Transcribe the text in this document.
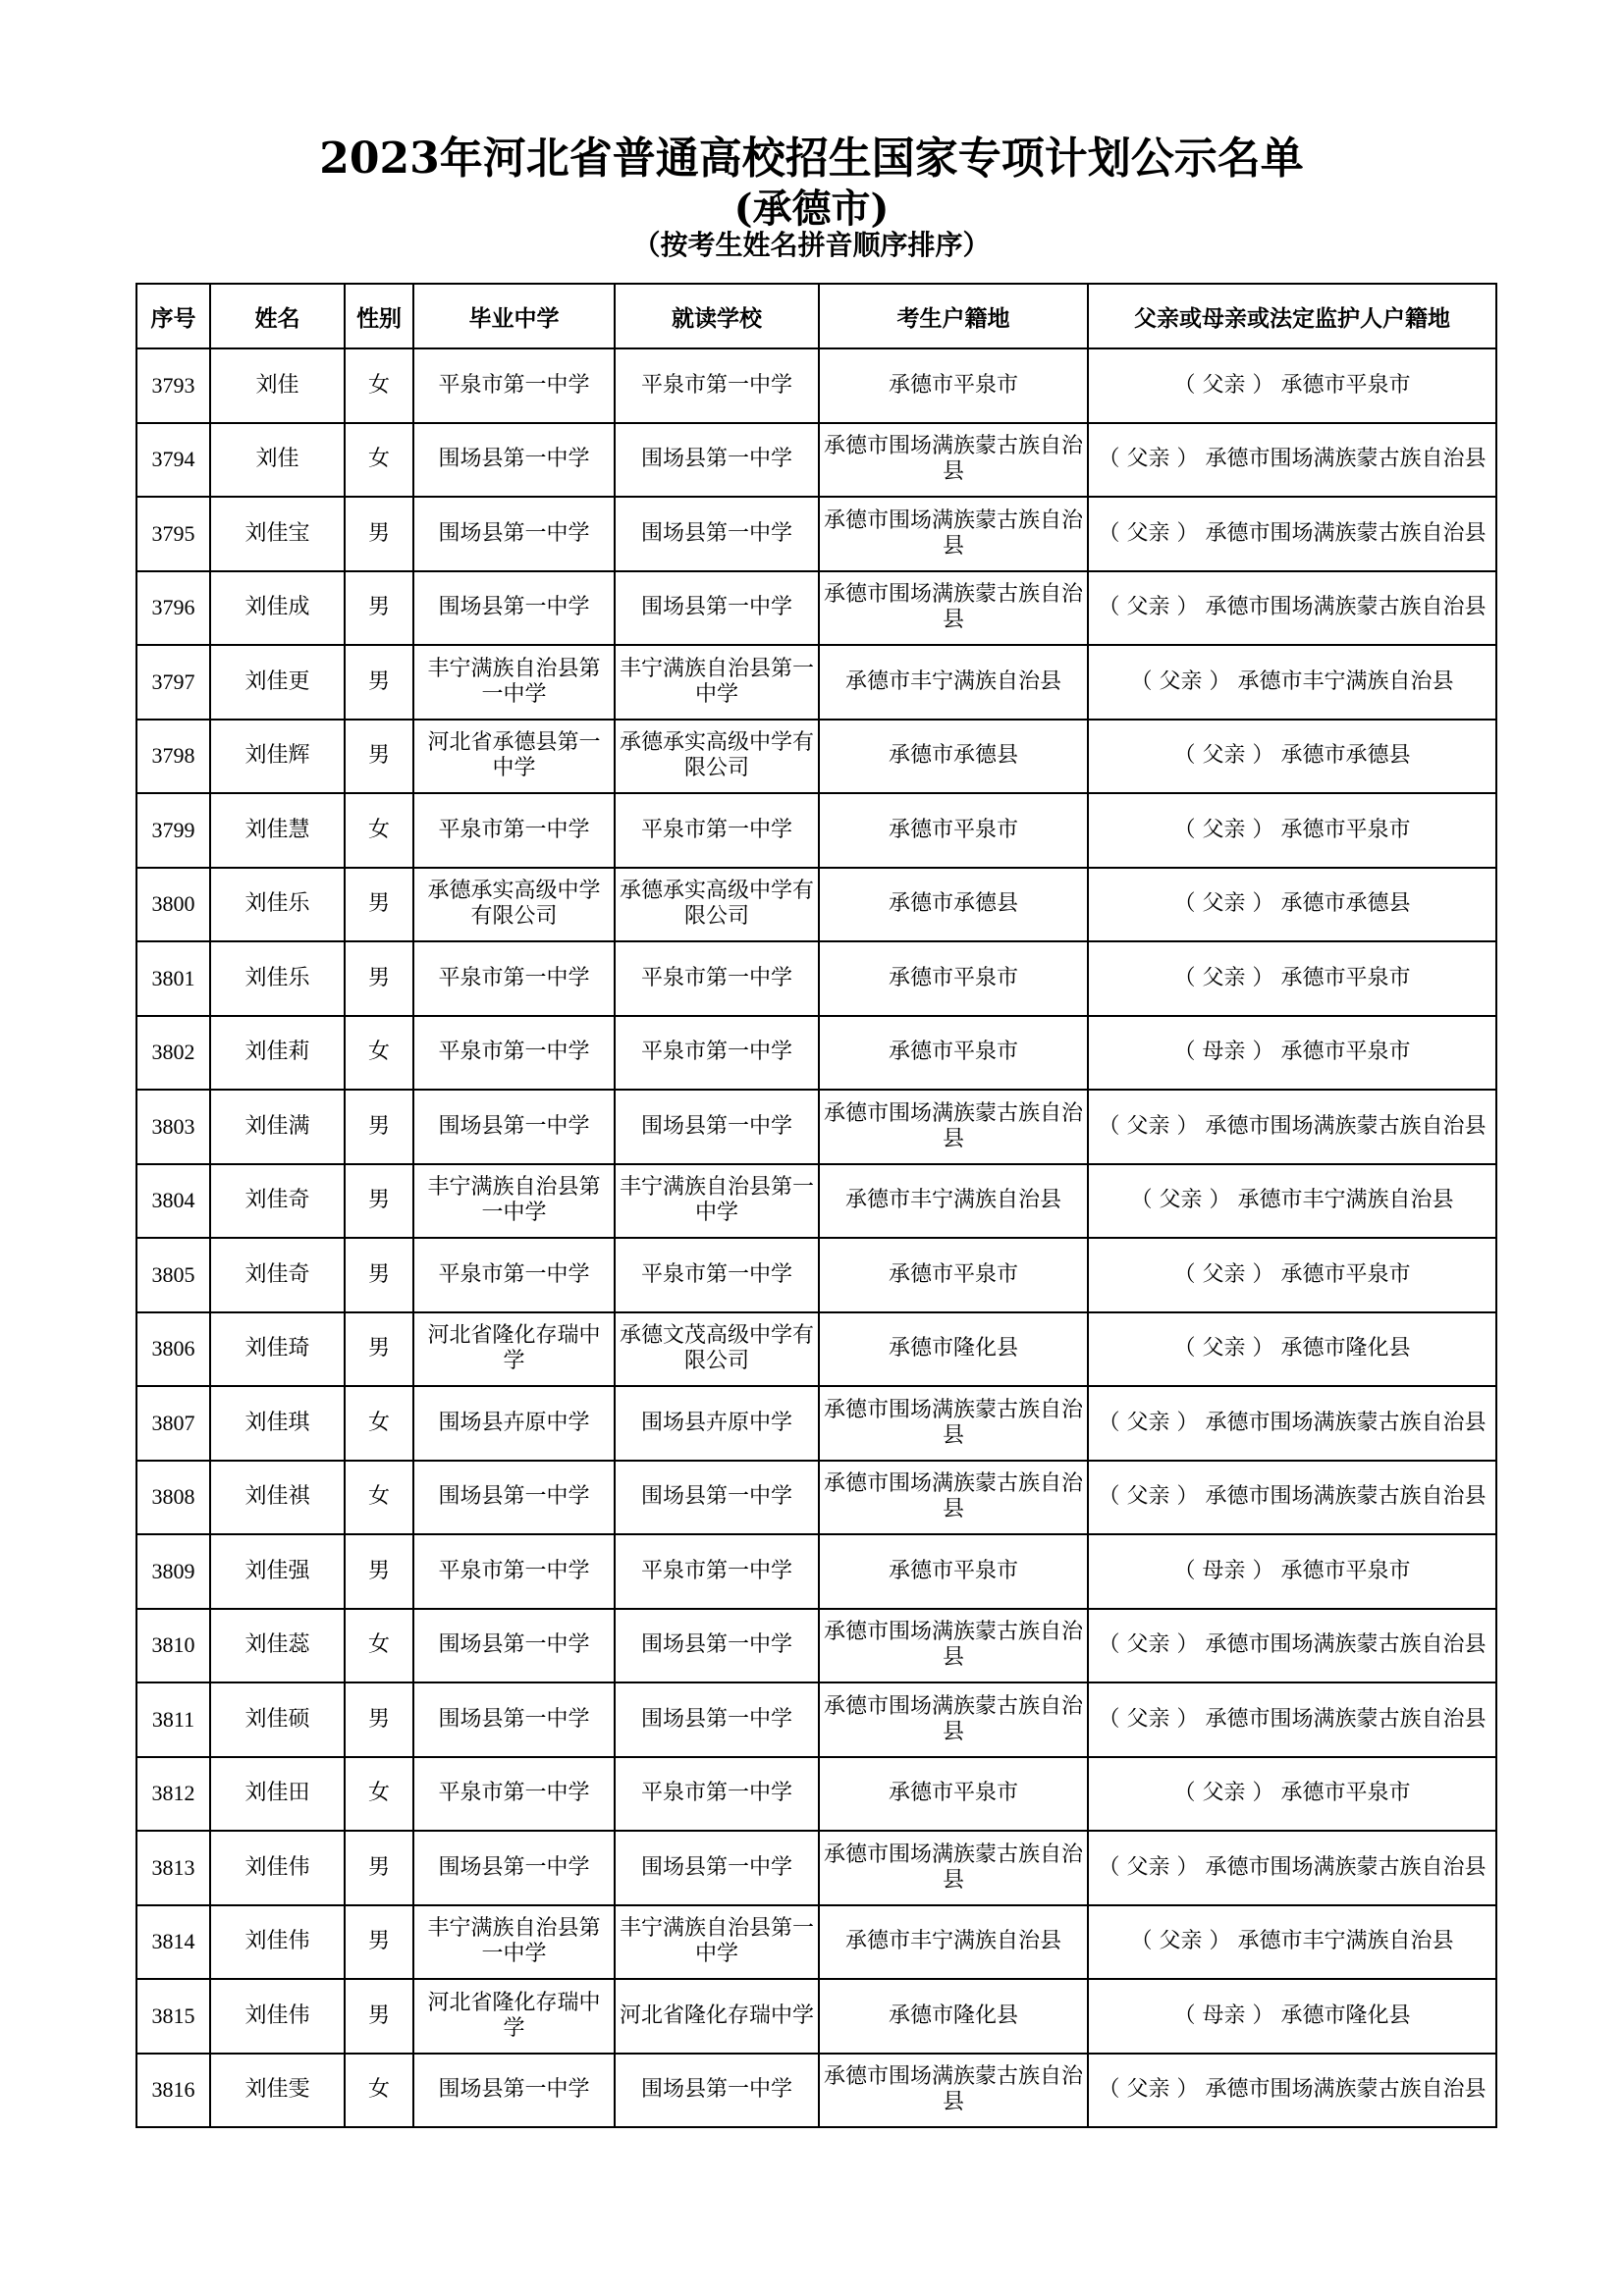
2023年河北省普通高校招生国家专项计划公示名单
(承德市)
（按考生姓名拼音顺序排序）
序号	姓名	性别	毕业中学	就读学校	考生户籍地	父亲或母亲或法定监护人户籍地
3793	刘佳	女	平泉市第一中学	平泉市第一中学	承德市平泉市	（ 父亲 ） 承德市平泉市
3794	刘佳	女	围场县第一中学	围场县第一中学	承德市围场满族蒙古族自治县	（ 父亲 ） 承德市围场满族蒙古族自治县
3795	刘佳宝	男	围场县第一中学	围场县第一中学	承德市围场满族蒙古族自治县	（ 父亲 ） 承德市围场满族蒙古族自治县
3796	刘佳成	男	围场县第一中学	围场县第一中学	承德市围场满族蒙古族自治县	（ 父亲 ） 承德市围场满族蒙古族自治县
3797	刘佳更	男	丰宁满族自治县第一中学	丰宁满族自治县第一中学	承德市丰宁满族自治县	（ 父亲 ） 承德市丰宁满族自治县
3798	刘佳辉	男	河北省承德县第一中学	承德承实高级中学有限公司	承德市承德县	（ 父亲 ） 承德市承德县
3799	刘佳慧	女	平泉市第一中学	平泉市第一中学	承德市平泉市	（ 父亲 ） 承德市平泉市
3800	刘佳乐	男	承德承实高级中学有限公司	承德承实高级中学有限公司	承德市承德县	（ 父亲 ） 承德市承德县
3801	刘佳乐	男	平泉市第一中学	平泉市第一中学	承德市平泉市	（ 父亲 ） 承德市平泉市
3802	刘佳莉	女	平泉市第一中学	平泉市第一中学	承德市平泉市	（ 母亲 ） 承德市平泉市
3803	刘佳满	男	围场县第一中学	围场县第一中学	承德市围场满族蒙古族自治县	（ 父亲 ） 承德市围场满族蒙古族自治县
3804	刘佳奇	男	丰宁满族自治县第一中学	丰宁满族自治县第一中学	承德市丰宁满族自治县	（ 父亲 ） 承德市丰宁满族自治县
3805	刘佳奇	男	平泉市第一中学	平泉市第一中学	承德市平泉市	（ 父亲 ） 承德市平泉市
3806	刘佳琦	男	河北省隆化存瑞中学	承德文茂高级中学有限公司	承德市隆化县	（ 父亲 ） 承德市隆化县
3807	刘佳琪	女	围场县卉原中学	围场县卉原中学	承德市围场满族蒙古族自治县	（ 父亲 ） 承德市围场满族蒙古族自治县
3808	刘佳祺	女	围场县第一中学	围场县第一中学	承德市围场满族蒙古族自治县	（ 父亲 ） 承德市围场满族蒙古族自治县
3809	刘佳强	男	平泉市第一中学	平泉市第一中学	承德市平泉市	（ 母亲 ） 承德市平泉市
3810	刘佳蕊	女	围场县第一中学	围场县第一中学	承德市围场满族蒙古族自治县	（ 父亲 ） 承德市围场满族蒙古族自治县
3811	刘佳硕	男	围场县第一中学	围场县第一中学	承德市围场满族蒙古族自治县	（ 父亲 ） 承德市围场满族蒙古族自治县
3812	刘佳田	女	平泉市第一中学	平泉市第一中学	承德市平泉市	（ 父亲 ） 承德市平泉市
3813	刘佳伟	男	围场县第一中学	围场县第一中学	承德市围场满族蒙古族自治县	（ 父亲 ） 承德市围场满族蒙古族自治县
3814	刘佳伟	男	丰宁满族自治县第一中学	丰宁满族自治县第一中学	承德市丰宁满族自治县	（ 父亲 ） 承德市丰宁满族自治县
3815	刘佳伟	男	河北省隆化存瑞中学	河北省隆化存瑞中学	承德市隆化县	（ 母亲 ） 承德市隆化县
3816	刘佳雯	女	围场县第一中学	围场县第一中学	承德市围场满族蒙古族自治县	（ 父亲 ） 承德市围场满族蒙古族自治县
